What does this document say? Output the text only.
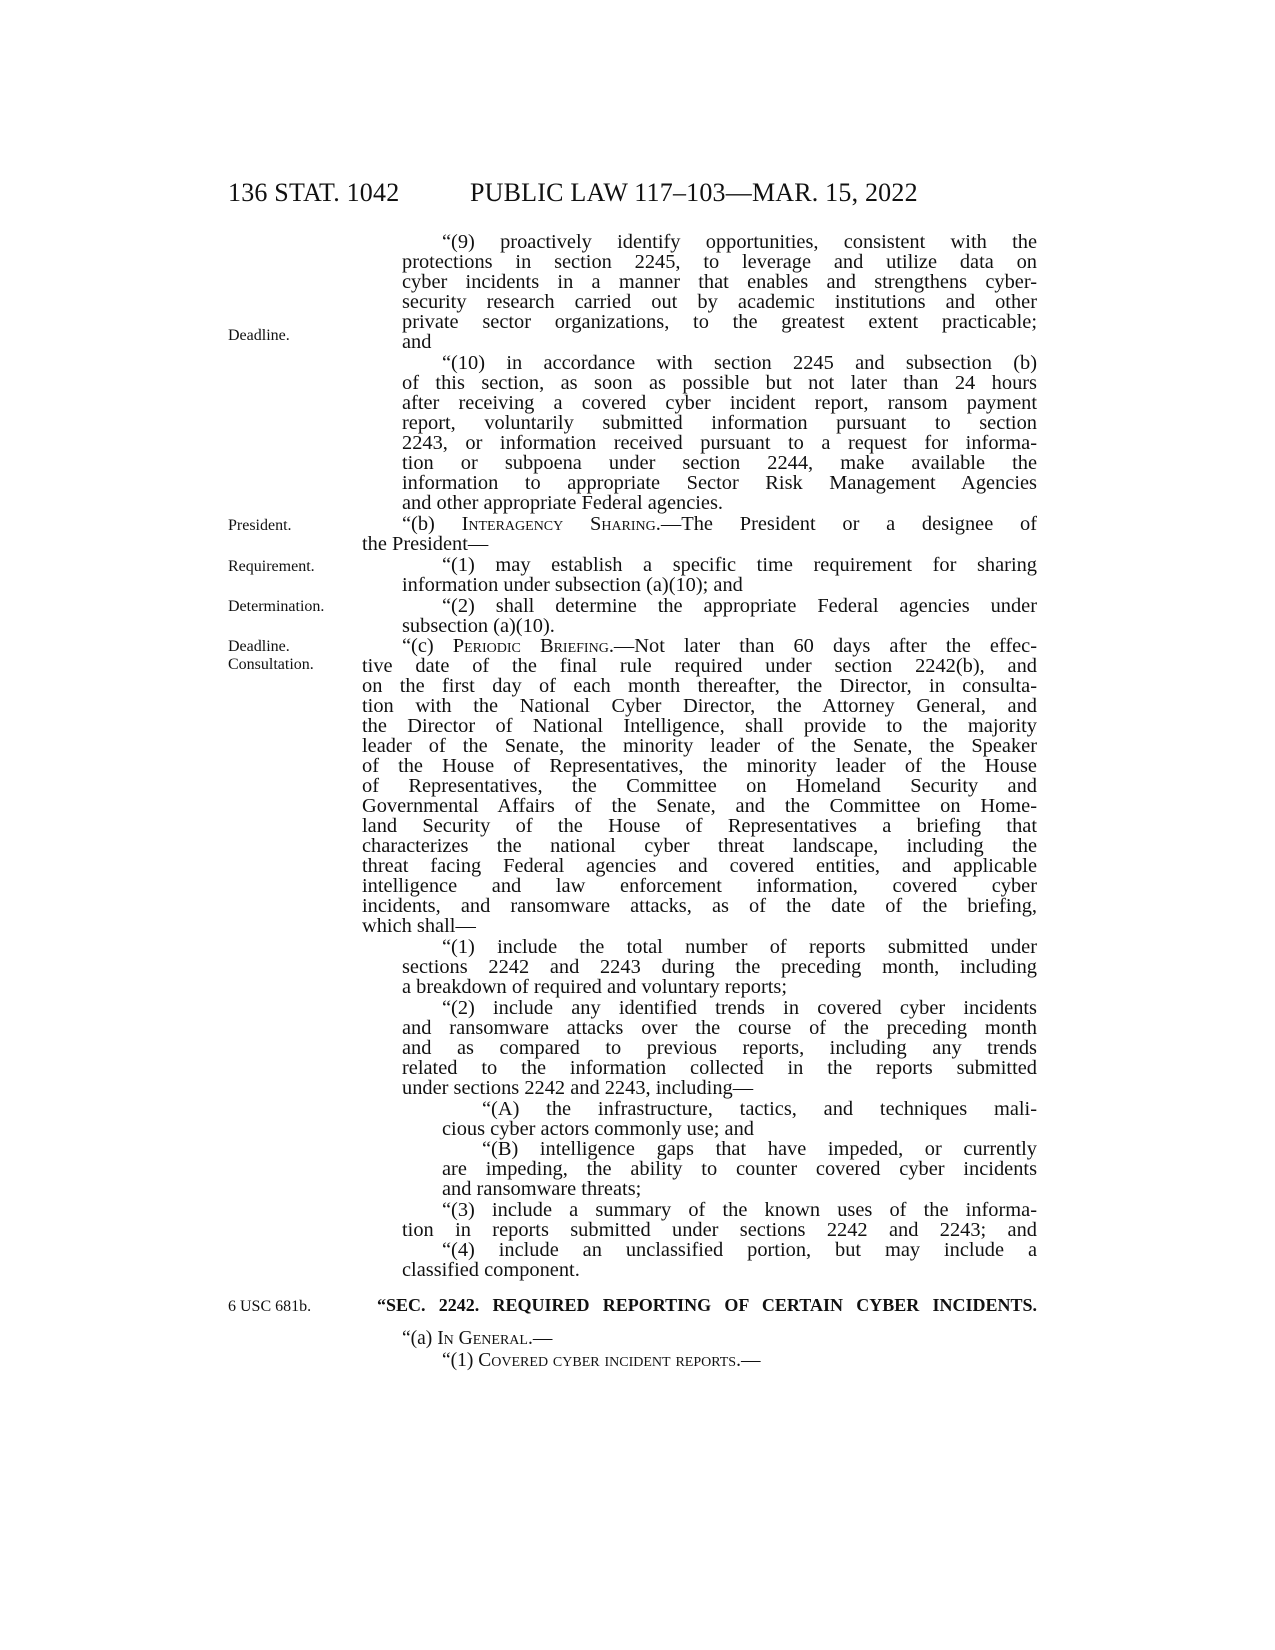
136 STAT. 1042	PUBLIC LAW 117–103—MAR. 15, 2022
Deadline.
President.
Requirement.
Determination.
Deadline.
Consultation.
6 USC 681b.
“(9) proactively identify opportunities, consistent with the
protections in section 2245, to leverage and utilize data on
cyber incidents in a manner that enables and strengthens cyber-
security research carried out by academic institutions and other
private sector organizations, to the greatest extent practicable;
and
“(10) in accordance with section 2245 and subsection (b)
of this section, as soon as possible but not later than 24 hours
after receiving a covered cyber incident report, ransom payment
report, voluntarily submitted information pursuant to section
2243, or information received pursuant to a request for informa-
tion or subpoena under section 2244, make available the
information to appropriate Sector Risk Management Agencies
and other appropriate Federal agencies.
“(b) Interagency Sharing.—The President or a designee of
the President—
“(1) may establish a specific time requirement for sharing
information under subsection (a)(10); and
“(2) shall determine the appropriate Federal agencies under
subsection (a)(10).
“(c) Periodic Briefing.—Not later than 60 days after the effec-
tive date of the final rule required under section 2242(b), and
on the first day of each month thereafter, the Director, in consulta-
tion with the National Cyber Director, the Attorney General, and
the Director of National Intelligence, shall provide to the majority
leader of the Senate, the minority leader of the Senate, the Speaker
of the House of Representatives, the minority leader of the House
of Representatives, the Committee on Homeland Security and
Governmental Affairs of the Senate, and the Committee on Home-
land Security of the House of Representatives a briefing that
characterizes the national cyber threat landscape, including the
threat facing Federal agencies and covered entities, and applicable
intelligence and law enforcement information, covered cyber
incidents, and ransomware attacks, as of the date of the briefing,
which shall—
“(1) include the total number of reports submitted under
sections 2242 and 2243 during the preceding month, including
a breakdown of required and voluntary reports;
“(2) include any identified trends in covered cyber incidents
and ransomware attacks over the course of the preceding month
and as compared to previous reports, including any trends
related to the information collected in the reports submitted
under sections 2242 and 2243, including—
“(A) the infrastructure, tactics, and techniques mali-
cious cyber actors commonly use; and
“(B) intelligence gaps that have impeded, or currently
are impeding, the ability to counter covered cyber incidents
and ransomware threats;
“(3) include a summary of the known uses of the informa-
tion in reports submitted under sections 2242 and 2243; and
“(4) include an unclassified portion, but may include a
classified component.
“SEC. 2242. REQUIRED REPORTING OF CERTAIN CYBER INCIDENTS.
“(a) In General.—
“(1) Covered cyber incident reports.—
